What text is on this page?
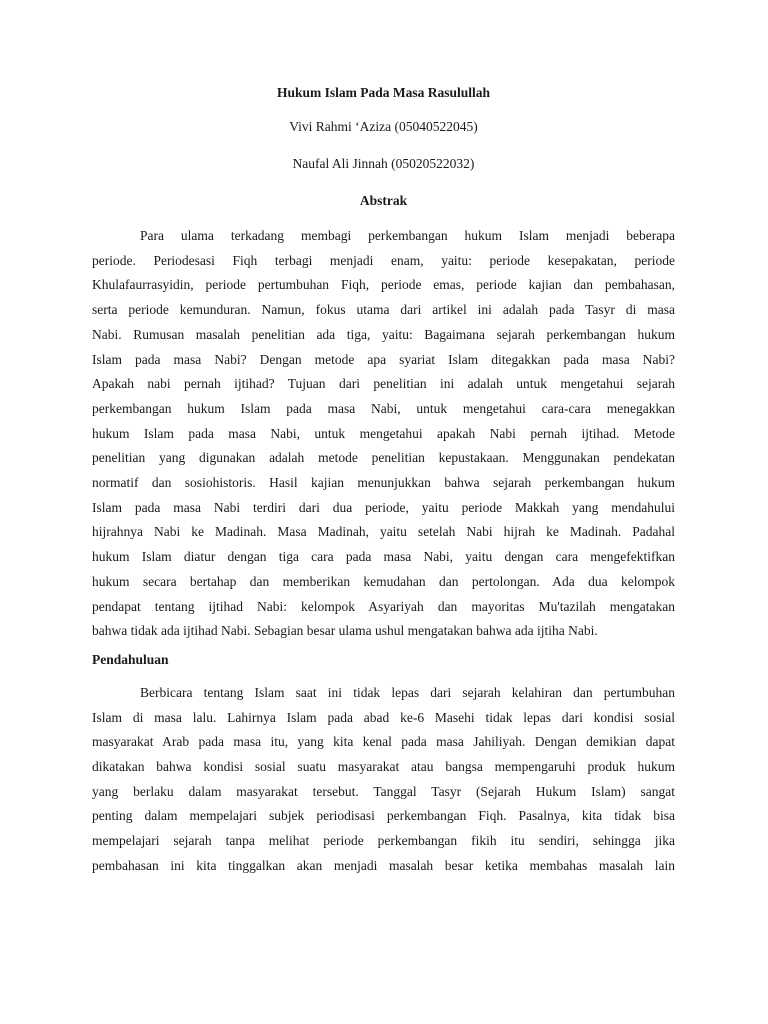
Hukum Islam Pada Masa Rasulullah
Vivi Rahmi ‘Aziza (05040522045)
Naufal Ali Jinnah (05020522032)
Abstrak
Para ulama terkadang membagi perkembangan hukum Islam menjadi beberapa
periode. Periodesasi Fiqh terbagi menjadi enam, yaitu: periode kesepakatan, periode
Khulafaurrasyidin, periode pertumbuhan Fiqh, periode emas, periode kajian dan pembahasan,
serta periode kemunduran. Namun, fokus utama dari artikel ini adalah pada Tasyr di masa
Nabi. Rumusan masalah penelitian ada tiga, yaitu: Bagaimana sejarah perkembangan hukum
Islam pada masa Nabi? Dengan metode apa syariat Islam ditegakkan pada masa Nabi?
Apakah nabi pernah ijtihad? Tujuan dari penelitian ini adalah untuk mengetahui sejarah
perkembangan hukum Islam pada masa Nabi, untuk mengetahui cara-cara menegakkan
hukum Islam pada masa Nabi, untuk mengetahui apakah Nabi pernah ijtihad. Metode
penelitian yang digunakan adalah metode penelitian kepustakaan. Menggunakan pendekatan
normatif dan sosiohistoris. Hasil kajian menunjukkan bahwa sejarah perkembangan hukum
Islam pada masa Nabi terdiri dari dua periode, yaitu periode Makkah yang mendahului
hijrahnya Nabi ke Madinah. Masa Madinah, yaitu setelah Nabi hijrah ke Madinah. Padahal
hukum Islam diatur dengan tiga cara pada masa Nabi, yaitu dengan cara mengefektifkan
hukum secara bertahap dan memberikan kemudahan dan pertolongan. Ada dua kelompok
pendapat tentang ijtihad Nabi: kelompok Asyariyah dan mayoritas Mu'tazilah mengatakan
bahwa tidak ada ijtihad Nabi. Sebagian besar ulama ushul mengatakan bahwa ada ijtiha Nabi.
Pendahuluan
Berbicara tentang Islam saat ini tidak lepas dari sejarah kelahiran dan pertumbuhan
Islam di masa lalu. Lahirnya Islam pada abad ke-6 Masehi tidak lepas dari kondisi sosial
masyarakat Arab pada masa itu, yang kita kenal pada masa Jahiliyah. Dengan demikian dapat
dikatakan bahwa kondisi sosial suatu masyarakat atau bangsa mempengaruhi produk hukum
yang berlaku dalam masyarakat tersebut. Tanggal Tasyr (Sejarah Hukum Islam) sangat
penting dalam mempelajari subjek periodisasi perkembangan Fiqh. Pasalnya, kita tidak bisa
mempelajari sejarah tanpa melihat periode perkembangan fikih itu sendiri, sehingga jika
pembahasan ini kita tinggalkan akan menjadi masalah besar ketika membahas masalah lain
